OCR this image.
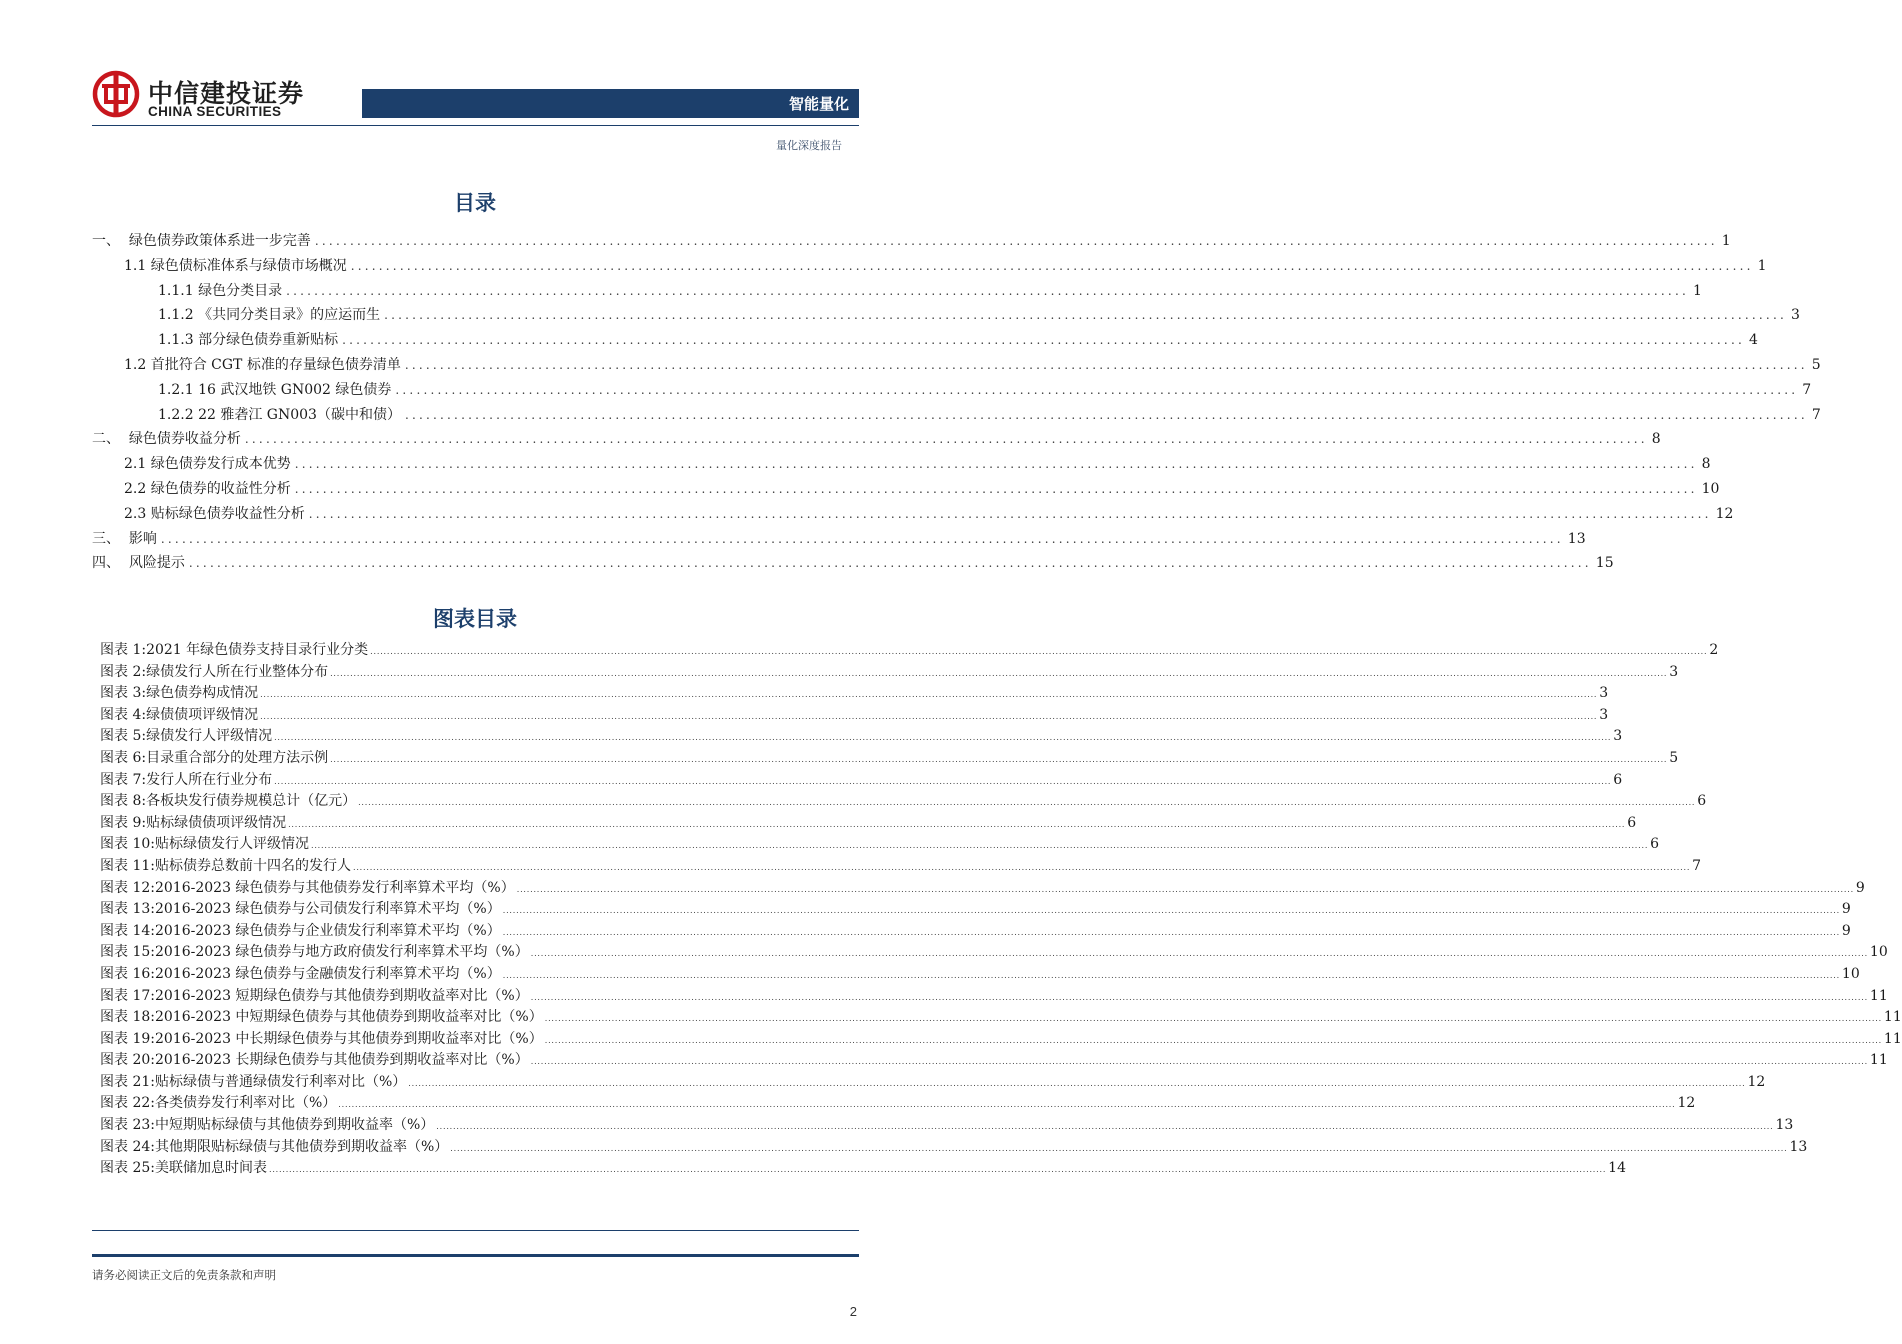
中信建投证券
CHINA SECURITIES	智能量化
量化深度报告
目录
一、  绿色债券政策体系进一步完善 ........................................................................................................................................................................................................ 1
1.1 绿色债标准体系与绿债市场概况 ........................................................................................................................................................................................................ 1
1.1.1 绿色分类目录 ........................................................................................................................................................................................................ 1
1.1.2 《共同分类目录》的应运而生 ........................................................................................................................................................................................................ 3
1.1.3 部分绿色债券重新贴标 ........................................................................................................................................................................................................ 4
1.2 首批符合 CGT 标准的存量绿色债券清单 ........................................................................................................................................................................................................ 5
1.2.1 16 武汉地铁 GN002 绿色债券 ........................................................................................................................................................................................................ 7
1.2.2 22 雅砻江 GN003（碳中和债） ........................................................................................................................................................................................................ 7
二、  绿色债券收益分析 ........................................................................................................................................................................................................ 8
2.1 绿色债券发行成本优势 ........................................................................................................................................................................................................ 8
2.2 绿色债券的收益性分析 ........................................................................................................................................................................................................ 10
2.3 贴标绿色债券收益性分析 ........................................................................................................................................................................................................ 12
三、  影响 ........................................................................................................................................................................................................ 13
四、  风险提示 ........................................................................................................................................................................................................ 15
图表目录
图表 1: 2021 年绿色债券支持目录行业分类 ................................................................................................................................................................................................................................................................................................................................................................................................................ 2
图表 2: 绿债发行人所在行业整体分布 ................................................................................................................................................................................................................................................................................................................................................................................................................ 3
图表 3: 绿色债券构成情况 ................................................................................................................................................................................................................................................................................................................................................................................................................ 3
图表 4: 绿债债项评级情况 ................................................................................................................................................................................................................................................................................................................................................................................................................ 3
图表 5: 绿债发行人评级情况 ................................................................................................................................................................................................................................................................................................................................................................................................................ 3
图表 6: 目录重合部分的处理方法示例 ................................................................................................................................................................................................................................................................................................................................................................................................................ 5
图表 7: 发行人所在行业分布 ................................................................................................................................................................................................................................................................................................................................................................................................................ 6
图表 8: 各板块发行债券规模总计（亿元） ................................................................................................................................................................................................................................................................................................................................................................................................................ 6
图表 9: 贴标绿债债项评级情况 ................................................................................................................................................................................................................................................................................................................................................................................................................ 6
图表 10: 贴标绿债发行人评级情况 ................................................................................................................................................................................................................................................................................................................................................................................................................ 6
图表 11: 贴标债券总数前十四名的发行人 ................................................................................................................................................................................................................................................................................................................................................................................................................ 7
图表 12: 2016-2023 绿色债券与其他债券发行利率算术平均（%） ................................................................................................................................................................................................................................................................................................................................................................................................................ 9
图表 13: 2016-2023 绿色债券与公司债发行利率算术平均（%） ................................................................................................................................................................................................................................................................................................................................................................................................................ 9
图表 14: 2016-2023 绿色债券与企业债发行利率算术平均（%） ................................................................................................................................................................................................................................................................................................................................................................................................................ 9
图表 15: 2016-2023 绿色债券与地方政府债发行利率算术平均（%） ................................................................................................................................................................................................................................................................................................................................................................................................................ 10
图表 16: 2016-2023 绿色债券与金融债发行利率算术平均（%） ................................................................................................................................................................................................................................................................................................................................................................................................................ 10
图表 17: 2016-2023 短期绿色债券与其他债券到期收益率对比（%） ................................................................................................................................................................................................................................................................................................................................................................................................................ 11
图表 18: 2016-2023 中短期绿色债券与其他债券到期收益率对比（%） ................................................................................................................................................................................................................................................................................................................................................................................................................ 11
图表 19: 2016-2023 中长期绿色债券与其他债券到期收益率对比（%） ................................................................................................................................................................................................................................................................................................................................................................................................................ 11
图表 20: 2016-2023 长期绿色债券与其他债券到期收益率对比（%） ................................................................................................................................................................................................................................................................................................................................................................................................................ 11
图表 21: 贴标绿债与普通绿债发行利率对比（%） ................................................................................................................................................................................................................................................................................................................................................................................................................ 12
图表 22: 各类债券发行利率对比（%） ................................................................................................................................................................................................................................................................................................................................................................................................................ 12
图表 23: 中短期贴标绿债与其他债券到期收益率（%） ................................................................................................................................................................................................................................................................................................................................................................................................................ 13
图表 24: 其他期限贴标绿债与其他债券到期收益率（%） ................................................................................................................................................................................................................................................................................................................................................................................................................ 13
图表 25: 美联储加息时间表 ................................................................................................................................................................................................................................................................................................................................................................................................................ 14
请务必阅读正文后的免责条款和声明
2
